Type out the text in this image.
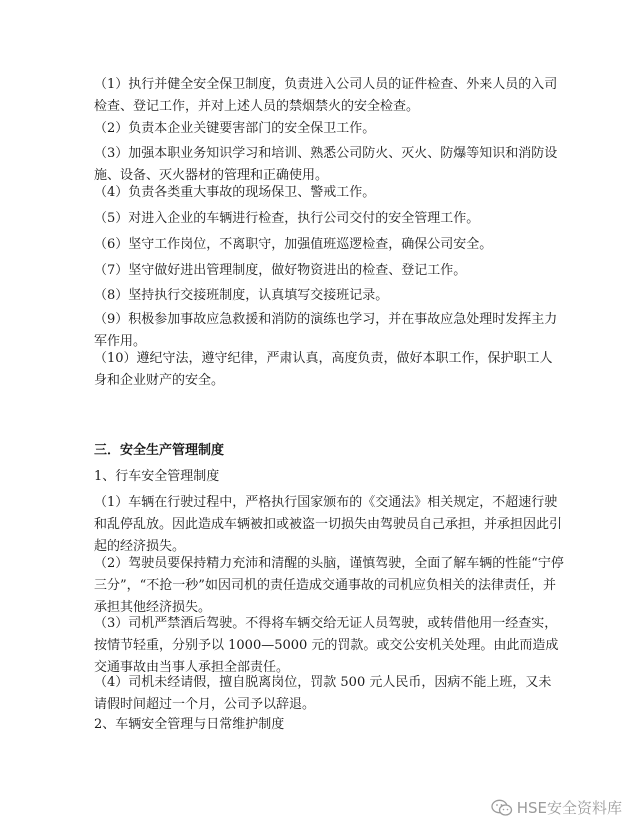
（1）执行并健全安全保卫制度，负责进入公司人员的证件检查、外来人员的入司检查、登记工作，并对上述人员的禁烟禁火的安全检查。

（2）负责本企业关键要害部门的安全保卫工作。

（3）加强本职业务知识学习和培训、熟悉公司防火、灭火、防爆等知识和消防设施、设备、灭火器材的管理和正确使用。

（4）负责各类重大事故的现场保卫、警戒工作。

（5）对进入企业的车辆进行检查，执行公司交付的安全管理工作。

（6）坚守工作岗位，不离职守，加强值班巡逻检查，确保公司安全。

（7）坚守做好进出管理制度，做好物资进出的检查、登记工作。

（8）坚持执行交接班制度，认真填写交接班记录。

（9）积极参加事故应急救援和消防的演练也学习，并在事故应急处理时发挥主力军作用。

（10）遵纪守法，遵守纪律，严肃认真，高度负责，做好本职工作，保护职工人身和企业财产的安全。

三．安全生产管理制度

1、行车安全管理制度

（1）车辆在行驶过程中，严格执行国家颁布的《交通法》相关规定，不超速行驶和乱停乱放。因此造成车辆被扣或被盗一切损失由驾驶员自己承担，并承担因此引起的经济损失。

（2）驾驶员要保持精力充沛和清醒的头脑，谨慎驾驶，全面了解车辆的性能“宁停三分”，“不抢一秒”如因司机的责任造成交通事故的司机应负相关的法律责任，并承担其他经济损失。

（3）司机严禁酒后驾驶。不得将车辆交给无证人员驾驶，或转借他用一经查实，按情节轻重，分别予以 1000—5000 元的罚款。或交公安机关处理。由此而造成交通事故由当事人承担全部责任。

（4）司机未经请假，擅自脱离岗位，罚款 500 元人民币，因病不能上班，又未请假时间超过一个月，公司予以辞退。

2、车辆安全管理与日常维护制度

HSE安全资料库
